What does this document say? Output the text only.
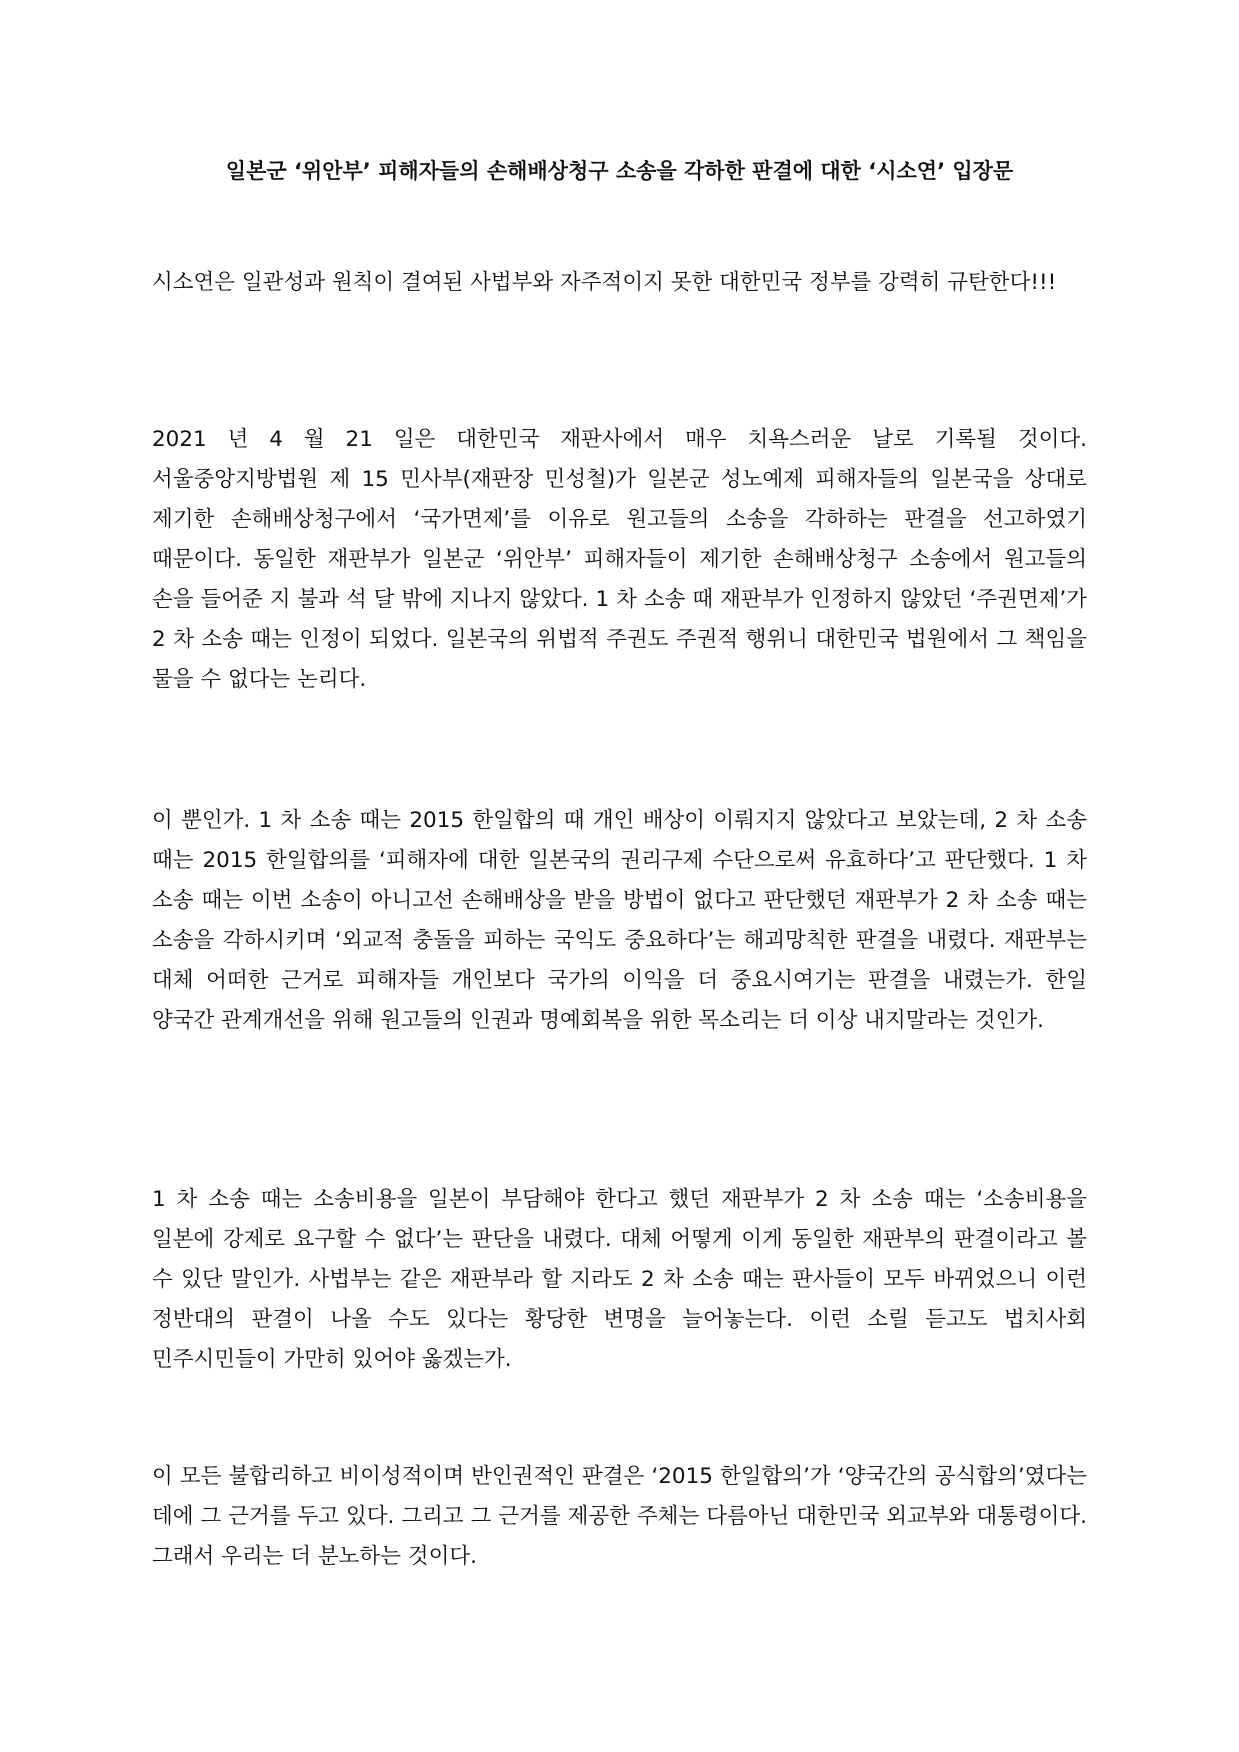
일본군 ‘위안부’ 피해자들의 손해배상청구 소송을 각하한 판결에 대한 ‘시소연’ 입장문

시소연은 일관성과 원칙이 결여된 사법부와 자주적이지 못한 대한민국 정부를 강력히 규탄한다!!!

2021 년 4 월 21 일은 대한민국 재판사에서 매우 치욕스러운 날로 기록될 것이다. 서울중앙지방법원 제 15 민사부(재판장 민성철)가 일본군 성노예제 피해자들의 일본국을 상대로 제기한 손해배상청구에서 ‘국가면제’를 이유로 원고들의 소송을 각하하는 판결을 선고하였기 때문이다. 동일한 재판부가 일본군 ‘위안부’ 피해자들이 제기한 손해배상청구 소송에서 원고들의 손을 들어준 지 불과 석 달 밖에 지나지 않았다. 1 차 소송 때 재판부가 인정하지 않았던 ‘주권면제’가 2 차 소송 때는 인정이 되었다. 일본국의 위법적 주권도 주권적 행위니 대한민국 법원에서 그 책임을 물을 수 없다는 논리다.

이 뿐인가. 1 차 소송 때는 2015 한일합의 때 개인 배상이 이뤄지지 않았다고 보았는데, 2 차 소송 때는 2015 한일합의를 ‘피해자에 대한 일본국의 권리구제 수단으로써 유효하다’고 판단했다. 1 차 소송 때는 이번 소송이 아니고선 손해배상을 받을 방법이 없다고 판단했던 재판부가 2 차 소송 때는 소송을 각하시키며 ‘외교적 충돌을 피하는 국익도 중요하다’는 해괴망칙한 판결을 내렸다. 재판부는 대체 어떠한 근거로 피해자들 개인보다 국가의 이익을 더 중요시여기는 판결을 내렸는가. 한일 양국간 관계개선을 위해 원고들의 인권과 명예회복을 위한 목소리는 더 이상 내지말라는 것인가.

1 차 소송 때는 소송비용을 일본이 부담해야 한다고 했던 재판부가 2 차 소송 때는 ‘소송비용을 일본에 강제로 요구할 수 없다’는 판단을 내렸다. 대체 어떻게 이게 동일한 재판부의 판결이라고 볼 수 있단 말인가. 사법부는 같은 재판부라 할 지라도 2 차 소송 때는 판사들이 모두 바뀌었으니 이런 정반대의 판결이 나올 수도 있다는 황당한 변명을 늘어놓는다. 이런 소릴 듣고도 법치사회 민주시민들이 가만히 있어야 옳겠는가.

이 모든 불합리하고 비이성적이며 반인권적인 판결은 ‘2015 한일합의’가 ‘양국간의 공식합의’였다는 데에 그 근거를 두고 있다. 그리고 그 근거를 제공한 주체는 다름아닌 대한민국 외교부와 대통령이다. 그래서 우리는 더 분노하는 것이다.
